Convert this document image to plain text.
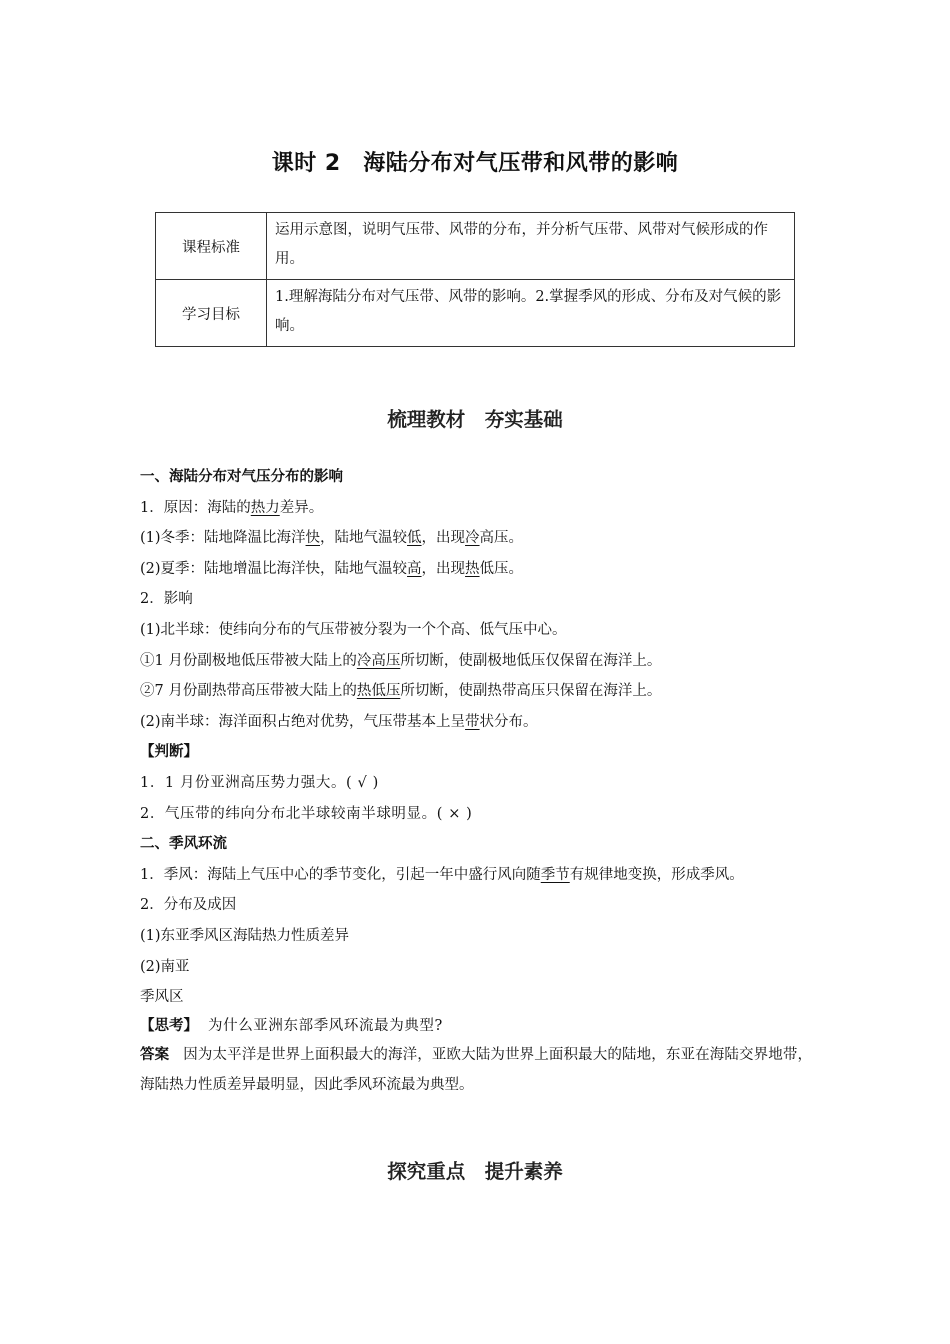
课时 2　海陆分布对气压带和风带的影响
课程标准	运用示意图，说明气压带、风带的分布，并分析气压带、风带对气候形成的作用。
学习目标	1.理解海陆分布对气压带、风带的影响。2.掌握季风的形成、分布及对气候的影响。
梳理教材　夯实基础

一、海陆分布对气压分布的影响

1．原因：海陆的热力差异。

(1)冬季：陆地降温比海洋快，陆地气温较低，出现冷高压。

(2)夏季：陆地增温比海洋快，陆地气温较高，出现热低压。

2．影响

(1)北半球：使纬向分布的气压带被分裂为一个个高、低气压中心。

①1 月份副极地低压带被大陆上的冷高压所切断，使副极地低压仅保留在海洋上。

②7 月份副热带高压带被大陆上的热低压所切断，使副热带高压只保留在海洋上。

(2)南半球：海洋面积占绝对优势，气压带基本上呈带状分布。

【判断】

1．1 月份亚洲高压势力强大。( √ )

2．气压带的纬向分布北半球较南半球明显。( × )

二、季风环流

1．季风：海陆上气压中心的季节变化，引起一年中盛行风向随季节有规律地变换，形成季风。

2．分布及成因

(1)东亚季风区海陆热力性质差异

(2)南亚

季风区

【思考】 为什么亚洲东部季风环流最为典型?

答案 因为太平洋是世界上面积最大的海洋，亚欧大陆为世界上面积最大的陆地，东亚在海陆交界地带，海陆热力性质差异最明显，因此季风环流最为典型。

探究重点　提升素养
